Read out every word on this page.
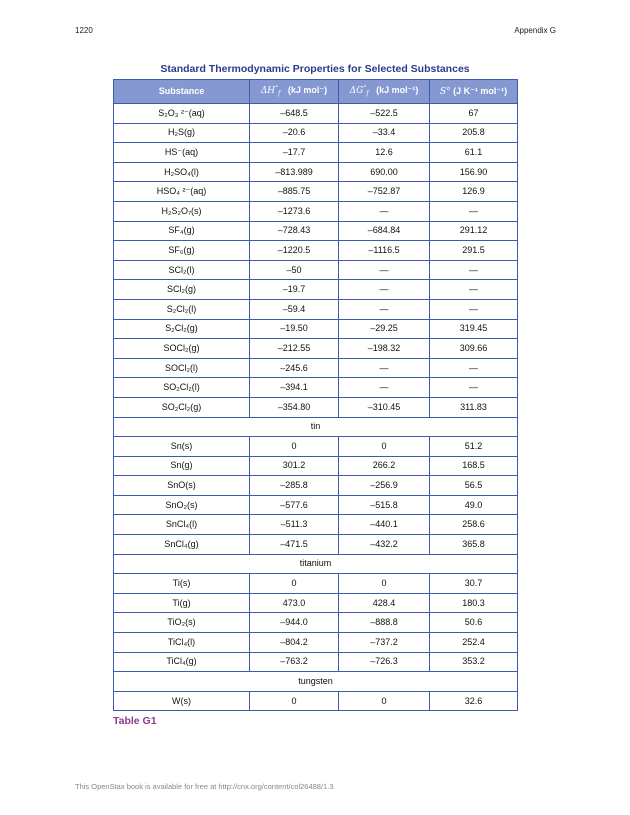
1220	Appendix G
Standard Thermodynamic Properties for Selected Substances
Substance	$\Delta H^\circ_f$ (kJ mol⁻)	$\Delta G^\circ_f$ (kJ mol⁻¹)	S° (J K⁻¹ mol⁻¹)
S₂O₃ ²⁻(aq)	–648.5	–522.5	67
H₂S(g)	–20.6	–33.4	205.8
HS⁻(aq)	–17.7	12.6	61.1
H₂SO₄(l)	–813.989	690.00	156.90
HSO₄ ²⁻(aq)	–885.75	–752.87	126.9
H₂S₂O₇(s)	–1273.6	—	—
SF₄(g)	–728.43	–684.84	291.12
SF₆(g)	–1220.5	–1116.5	291.5
SCl₂(l)	–50	—	—
SCl₂(g)	–19.7	—	—
S₂Cl₂(l)	–59.4	—	—
S₂Cl₂(g)	–19.50	–29.25	319.45
SOCl₂(g)	–212.55	–198.32	309.66
SOCl₂(l)	–245.6	—	—
SO₂Cl₂(l)	–394.1	—	—
SO₂Cl₂(g)	–354.80	–310.45	311.83
tin			
Sn(s)	0	0	51.2
Sn(g)	301.2	266.2	168.5
SnO(s)	–285.8	–256.9	56.5
SnO₂(s)	–577.6	–515.8	49.0
SnCl₄(l)	–511.3	–440.1	258.6
SnCl₄(g)	–471.5	–432.2	365.8
titanium			
Ti(s)	0	0	30.7
Ti(g)	473.0	428.4	180.3
TiO₂(s)	–944.0	–888.8	50.6
TiCl₄(l)	–804.2	–737.2	252.4
TiCl₄(g)	–763.2	–726.3	353.2
tungsten			
W(s)	0	0	32.6
Table G1
This OpenStax book is available for free at http://cnx.org/content/col26488/1.3
